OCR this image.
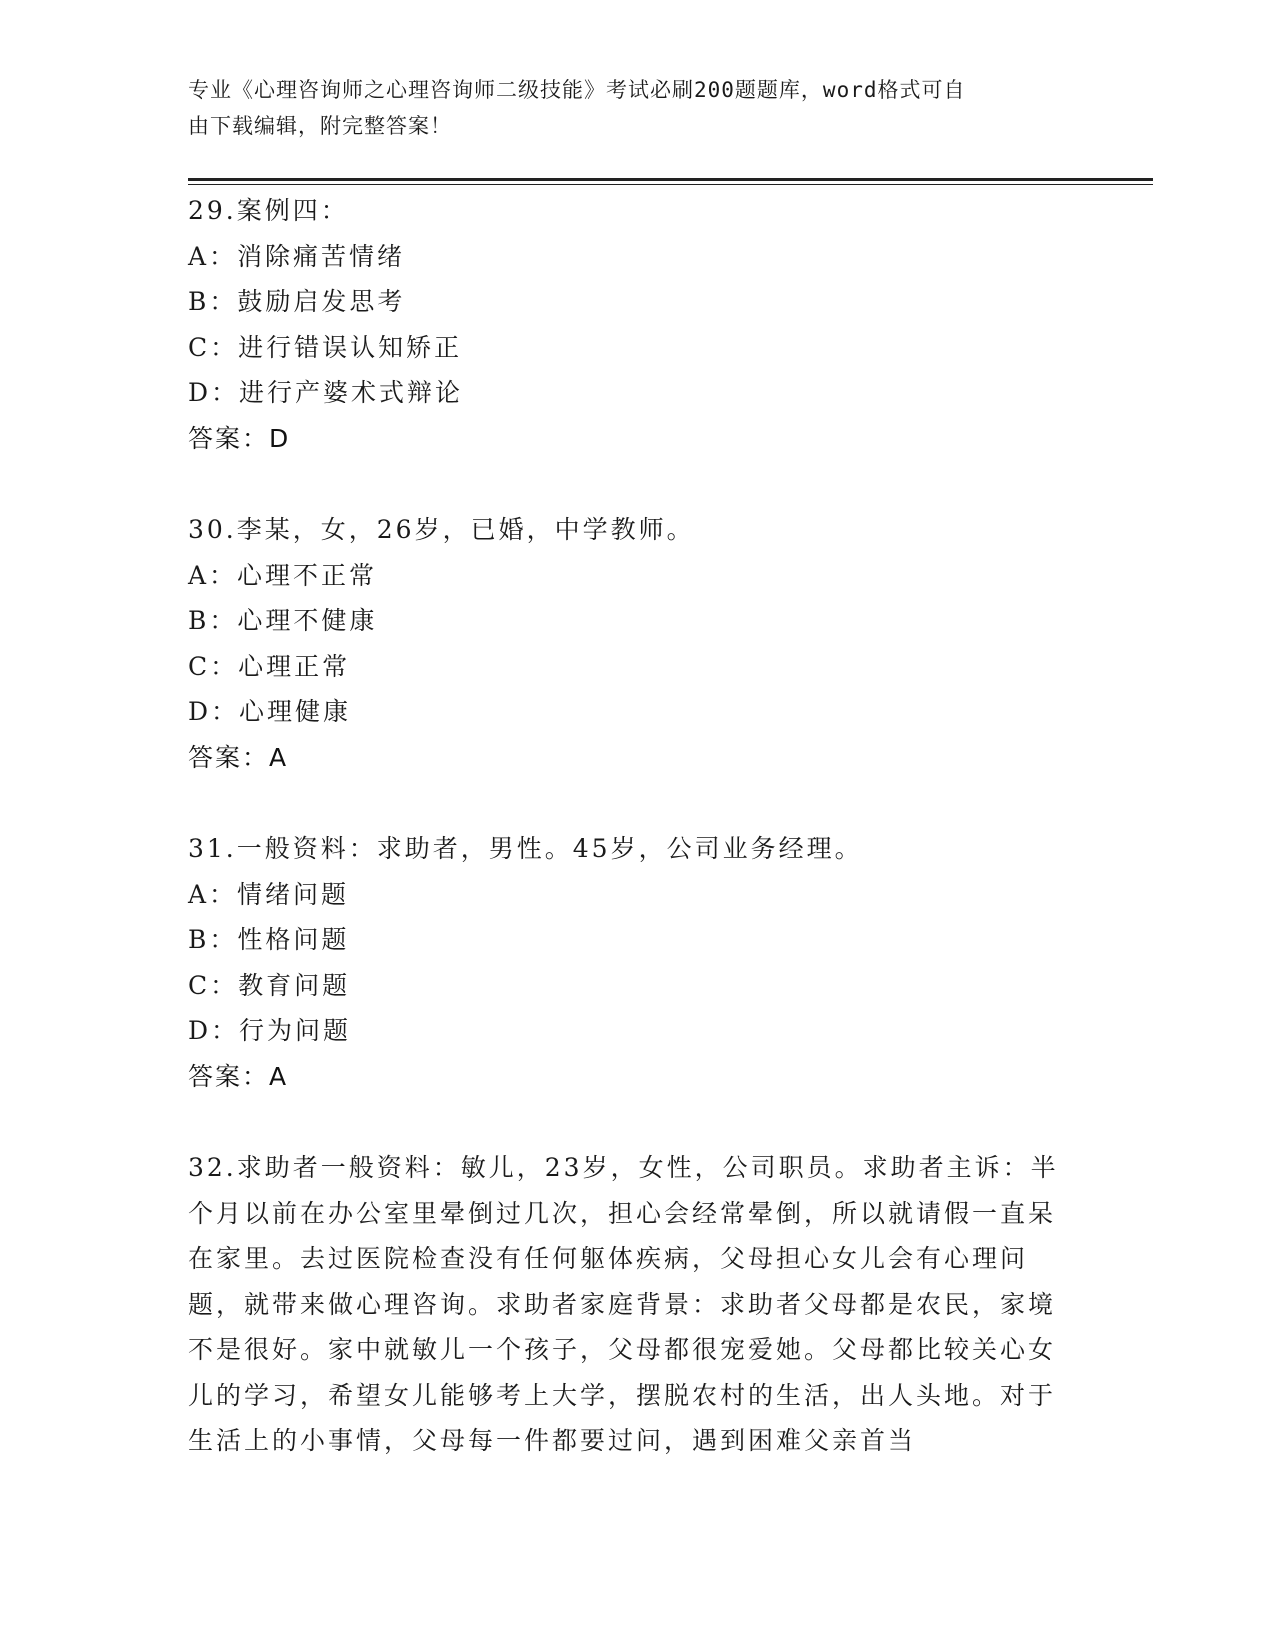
专业《心理咨询师之心理咨询师二级技能》考试必刷200题题库，word格式可自
由下载编辑，附完整答案！
29.案例四：
A：消除痛苦情绪
B：鼓励启发思考
C：进行错误认知矫正
D：进行产婆术式辩论
答案：D
30.李某，女，26岁，已婚，中学教师。
A：心理不正常
B：心理不健康
C：心理正常
D：心理健康
答案：A
31.一般资料：求助者，男性。45岁，公司业务经理。
A：情绪问题
B：性格问题
C：教育问题
D：行为问题
答案：A
32.求助者一般资料：敏儿，23岁，女性，公司职员。求助者主诉：半个月以前在办公室里晕倒过几次，担心会经常晕倒，所以就请假一直呆在家里。去过医院检查没有任何躯体疾病，父母担心女儿会有心理问题，就带来做心理咨询。求助者家庭背景：求助者父母都是农民，家境不是很好。家中就敏儿一个孩子，父母都很宠爱她。父母都比较关心女儿的学习，希望女儿能够考上大学，摆脱农村的生活，出人头地。对于生活上的小事情，父母每一件都要过问，遇到困难父亲首当
